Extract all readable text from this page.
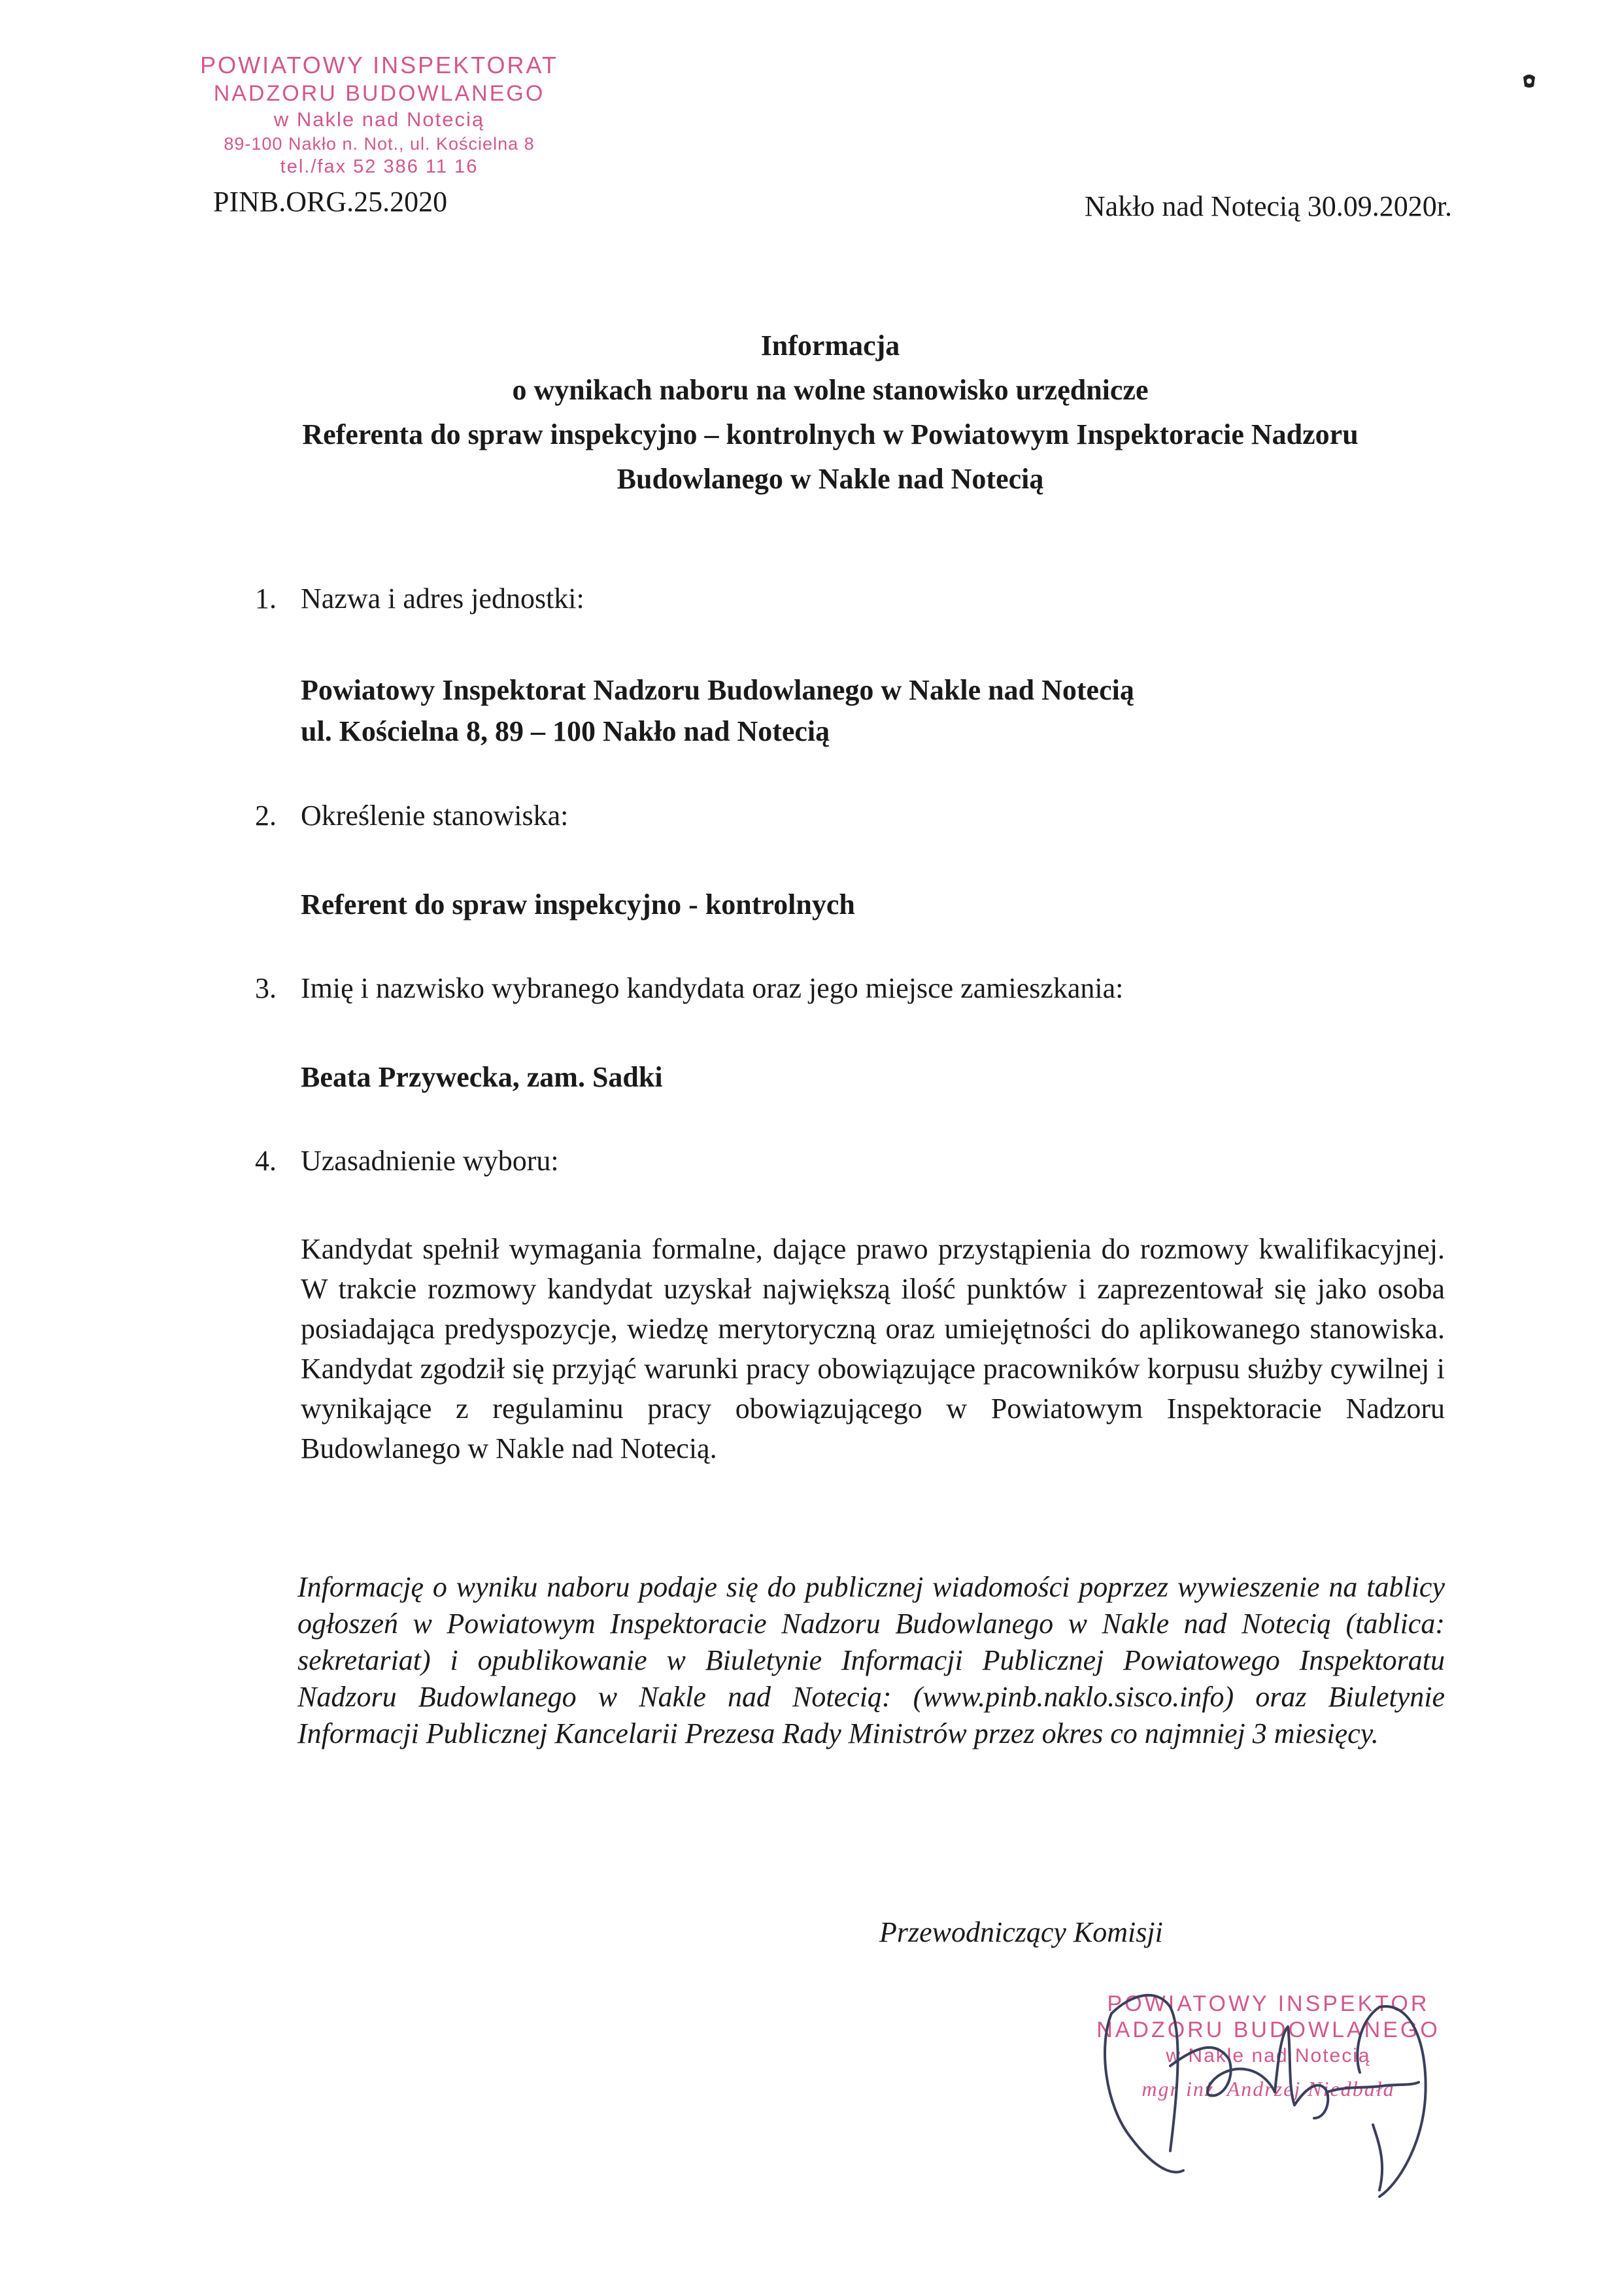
POWIATOWY INSPEKTORAT
NADZORU BUDOWLANEGO
w Nakle nad Notecią
89-100 Nakło n. Not., ul. Kościelna 8
tel./fax 52 386 11 16
PINB.ORG.25.2020	Nakło nad Notecią 30.09.2020r.
Informacja
o wynikach naboru na wolne stanowisko urzędnicze
Referenta do spraw inspekcyjno – kontrolnych w Powiatowym Inspektoracie Nadzoru
Budowlanego w Nakle nad Notecią
1. Nazwa i adres jednostki:
Powiatowy Inspektorat Nadzoru Budowlanego w Nakle nad Notecią
ul. Kościelna 8, 89 – 100 Nakło nad Notecią
2. Określenie stanowiska:
Referent do spraw inspekcyjno - kontrolnych
3. Imię i nazwisko wybranego kandydata oraz jego miejsce zamieszkania:
Beata Przywecka, zam. Sadki
4. Uzasadnienie wyboru:
Kandydat spełnił wymagania formalne, dające prawo przystąpienia do rozmowy kwalifikacyjnej. W trakcie rozmowy kandydat uzyskał największą ilość punktów i zaprezentował się jako osoba posiadająca predyspozycje, wiedzę merytoryczną oraz umiejętności do aplikowanego stanowiska. Kandydat zgodził się przyjąć warunki pracy obowiązujące pracowników korpusu służby cywilnej i wynikające z regulaminu pracy obowiązującego w Powiatowym Inspektoracie Nadzoru Budowlanego w Nakle nad Notecią.
Informację o wyniku naboru podaje się do publicznej wiadomości poprzez wywieszenie na tablicy ogłoszeń w Powiatowym Inspektoracie Nadzoru Budowlanego w Nakle nad Notecią (tablica: sekretariat) i opublikowanie w Biuletynie Informacji Publicznej Powiatowego Inspektoratu Nadzoru Budowlanego w Nakle nad Notecią: (www.pinb.naklo.sisco.info) oraz Biuletynie Informacji Publicznej Kancelarii Prezesa Rady Ministrów przez okres co najmniej 3 miesięcy.
Przewodniczący Komisji
POWIATOWY INSPEKTOR
NADZORU BUDOWLANEGO
w Nakle nad Notecią
mgr inż. Andrzej Niedbała
